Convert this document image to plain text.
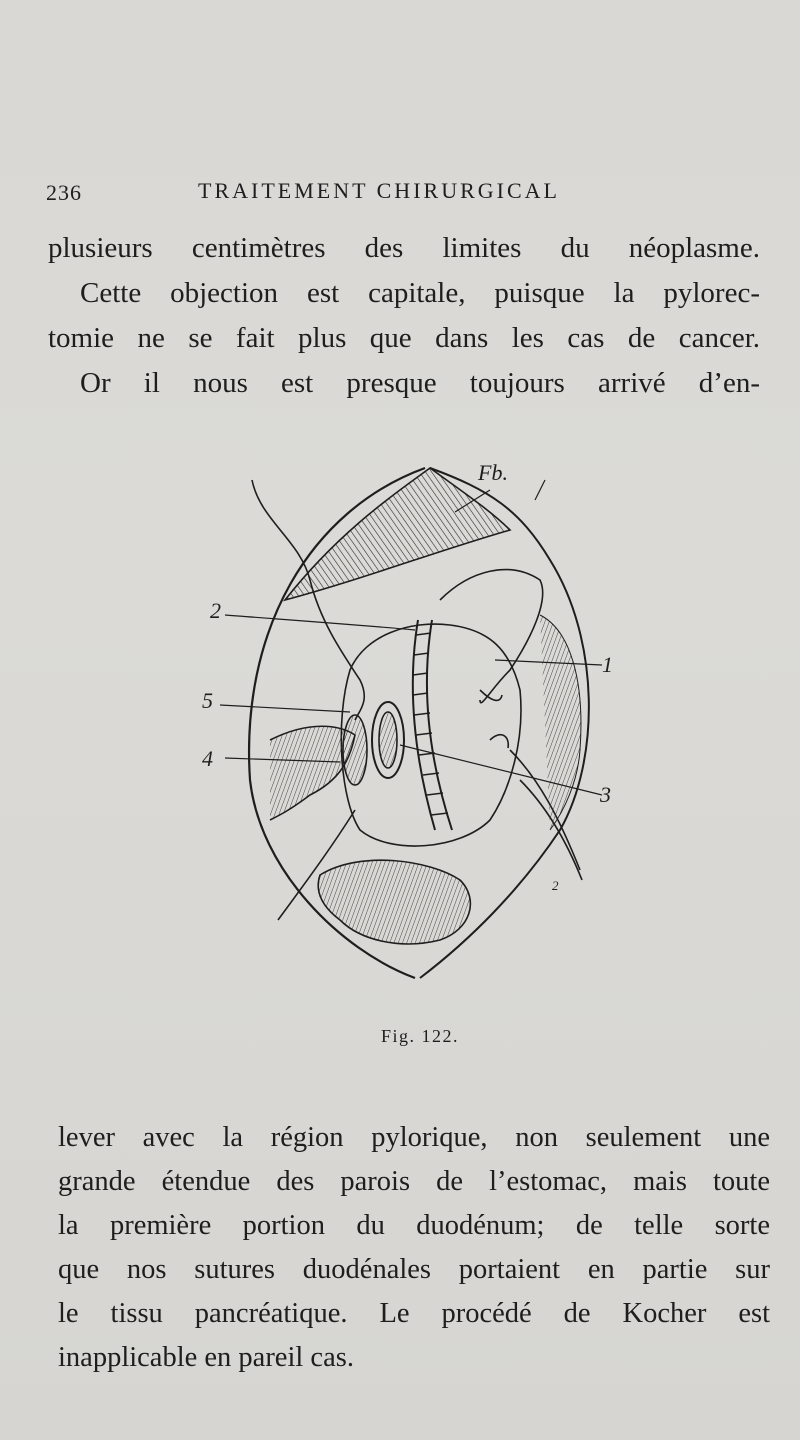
236	TRAITEMENT CHIRURGICAL
plusieurs centimètres des limites du néoplasme.
Cette objection est capitale, puisque la pylorec-
tomie ne se fait plus que dans les cas de cancer.
Or il nous est presque toujours arrivé d’en-
Fb.
2
1
5
4
3
2
Fig. 122.
lever avec la région pylorique, non seulement une
grande étendue des parois de l’estomac, mais toute
la première portion du duodénum; de telle sorte
que nos sutures duodénales portaient en partie sur
le tissu pancréatique. Le procédé de Kocher est
inapplicable en pareil cas.
